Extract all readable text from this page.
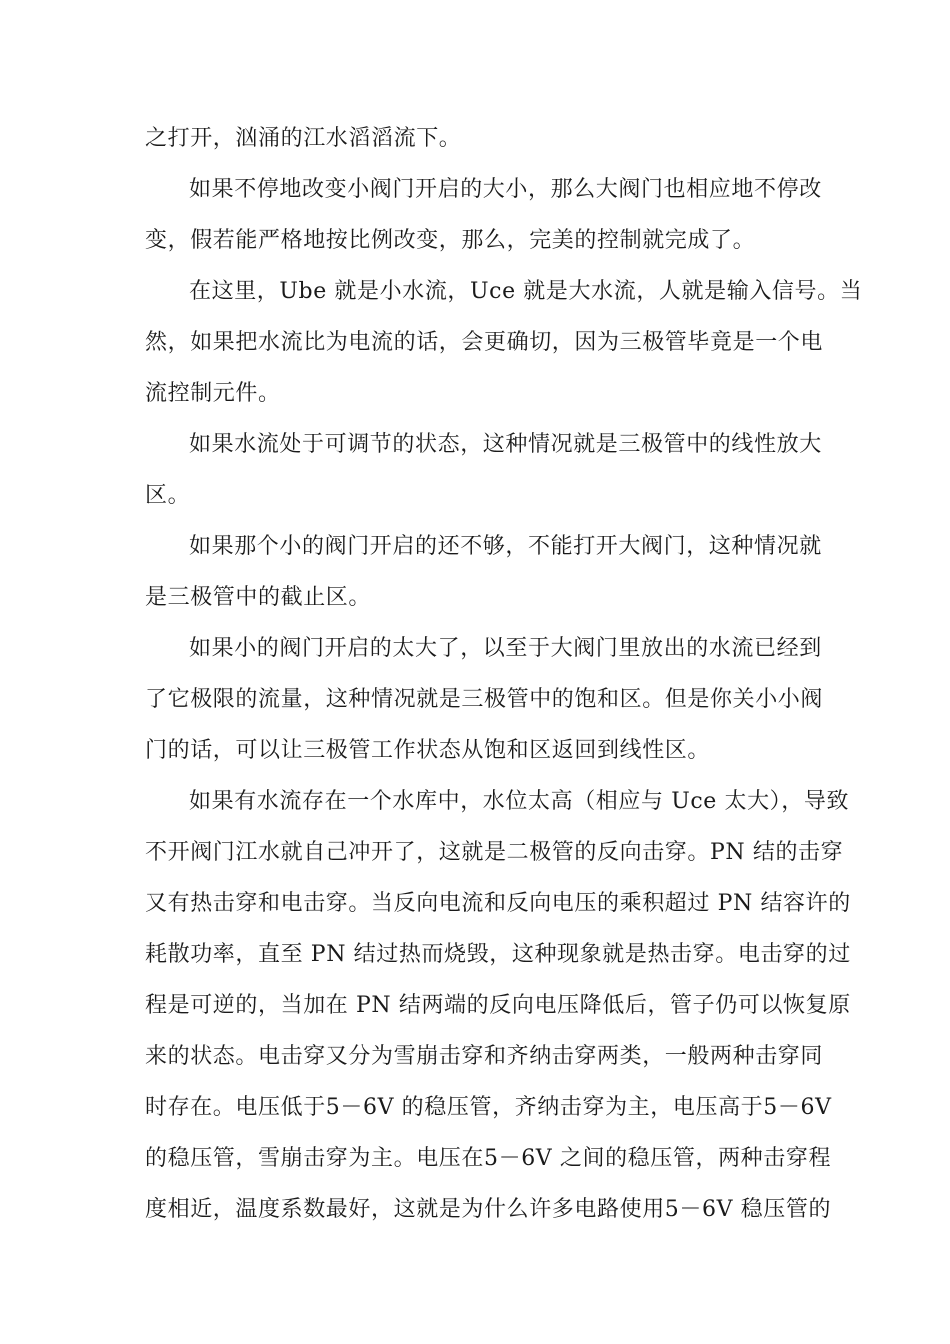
之打开，汹涌的江水滔滔流下。
如果不停地改变小阀门开启的大小，那么大阀门也相应地不停改
变，假若能严格地按比例改变，那么，完美的控制就完成了。
在这里，Ube 就是小水流，Uce 就是大水流，人就是输入信号。当
然，如果把水流比为电流的话，会更确切，因为三极管毕竟是一个电
流控制元件。
如果水流处于可调节的状态，这种情况就是三极管中的线性放大
区。
如果那个小的阀门开启的还不够，不能打开大阀门，这种情况就
是三极管中的截止区。
如果小的阀门开启的太大了，以至于大阀门里放出的水流已经到
了它极限的流量，这种情况就是三极管中的饱和区。但是你关小小阀
门的话，可以让三极管工作状态从饱和区返回到线性区。
如果有水流存在一个水库中，水位太高（相应与 Uce 太大），导致
不开阀门江水就自己冲开了，这就是二极管的反向击穿。PN 结的击穿
又有热击穿和电击穿。当反向电流和反向电压的乘积超过 PN 结容许的
耗散功率，直至 PN 结过热而烧毁，这种现象就是热击穿。电击穿的过
程是可逆的，当加在 PN 结两端的反向电压降低后，管子仍可以恢复原
来的状态。电击穿又分为雪崩击穿和齐纳击穿两类，一般两种击穿同
时存在。电压低于5－6V 的稳压管，齐纳击穿为主，电压高于5－6V
的稳压管，雪崩击穿为主。电压在5－6V 之间的稳压管，两种击穿程
度相近，温度系数最好，这就是为什么许多电路使用5－6V 稳压管的
